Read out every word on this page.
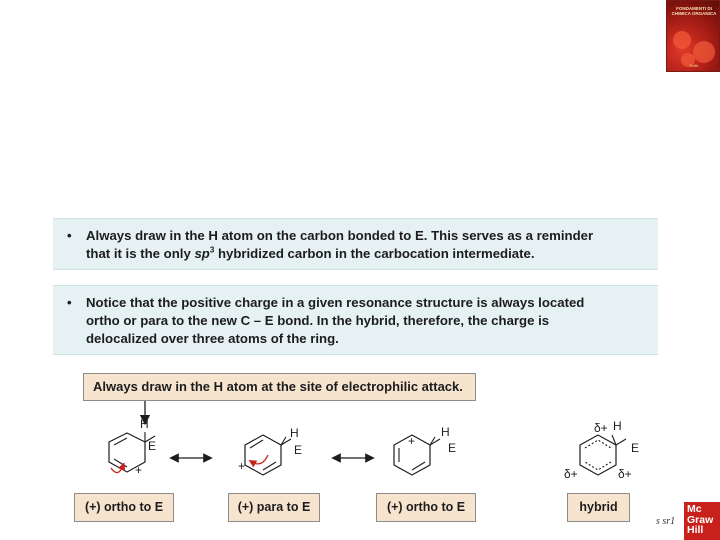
FONDAMENTI DI CHIMICA ORGANICA
Smith
• Always draw in the H atom on the carbon bonded to E. This serves as a reminder
that it is the only $sp^3$ hybridized carbon in the carbocation intermediate.
• Notice that the positive charge in a given resonance structure is always located
ortho or para to the new C – E bond. In the hybrid, therefore, the charge is
delocalized over three atoms of the ring.
Always draw in the H atom at the site of electrophilic attack.
H
E
+
H
E
+
H
E
+
H
E
δ+
δ+	δ+
(+) ortho to E	(+) para to E	(+) ortho to E	hybrid
s sr1
Mc
Graw
Hill
